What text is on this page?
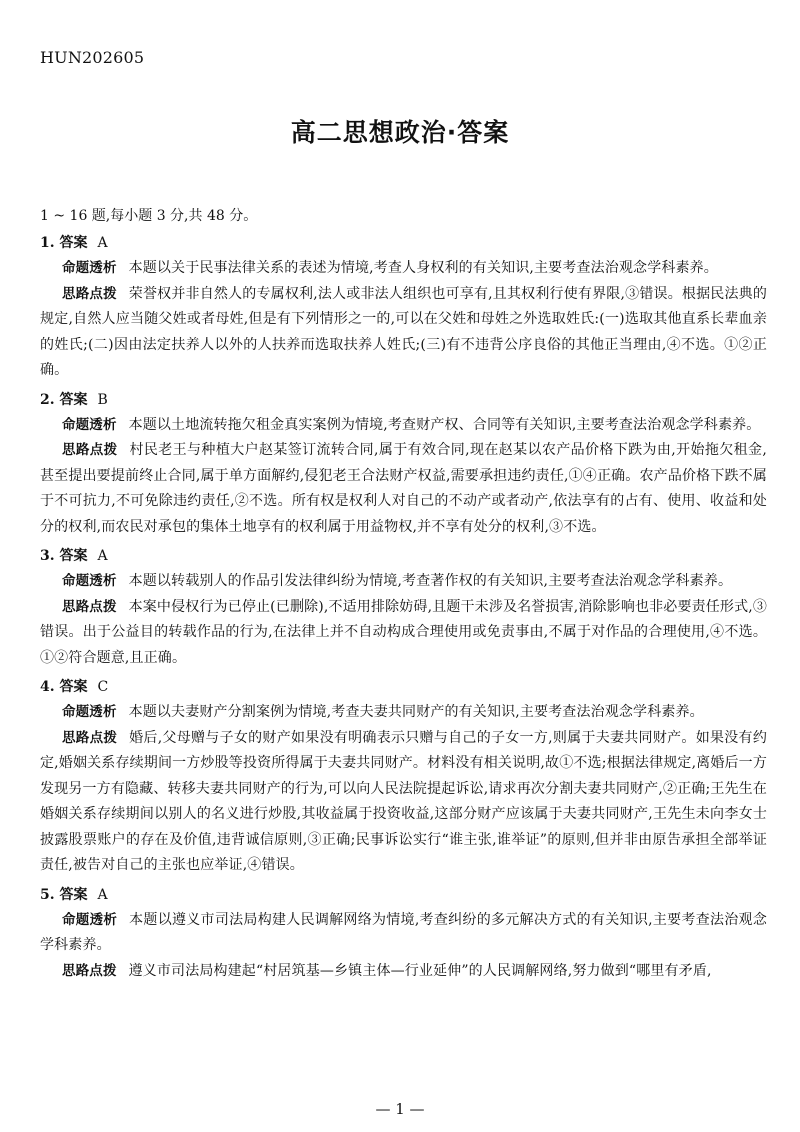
HUN202605
高二思想政治·答案
1 ~ 16 题,每小题 3 分,共 48 分。
1. 答案 A
命题透析 本题以关于民事法律关系的表述为情境,考查人身权利的有关知识,主要考查法治观念学科素养。
思路点拨 荣誉权并非自然人的专属权利,法人或非法人组织也可享有,且其权利行使有界限,③错误。根据民法典的规定,自然人应当随父姓或者母姓,但是有下列情形之一的,可以在父姓和母姓之外选取姓氏:(一)选取其他直系长辈血亲的姓氏;(二)因由法定扶养人以外的人扶养而选取扶养人姓氏;(三)有不违背公序良俗的其他正当理由,④不选。①②正确。
2. 答案 B
命题透析 本题以土地流转拖欠租金真实案例为情境,考查财产权、合同等有关知识,主要考查法治观念学科素养。
思路点拨 村民老王与种植大户赵某签订流转合同,属于有效合同,现在赵某以农产品价格下跌为由,开始拖欠租金,甚至提出要提前终止合同,属于单方面解约,侵犯老王合法财产权益,需要承担违约责任,①④正确。农产品价格下跌不属于不可抗力,不可免除违约责任,②不选。所有权是权利人对自己的不动产或者动产,依法享有的占有、使用、收益和处分的权利,而农民对承包的集体土地享有的权利属于用益物权,并不享有处分的权利,③不选。
3. 答案 A
命题透析 本题以转载别人的作品引发法律纠纷为情境,考查著作权的有关知识,主要考查法治观念学科素养。
思路点拨 本案中侵权行为已停止(已删除),不适用排除妨碍,且题干未涉及名誉损害,消除影响也非必要责任形式,③错误。出于公益目的转载作品的行为,在法律上并不自动构成合理使用或免责事由,不属于对作品的合理使用,④不选。①②符合题意,且正确。
4. 答案 C
命题透析 本题以夫妻财产分割案例为情境,考查夫妻共同财产的有关知识,主要考查法治观念学科素养。
思路点拨 婚后,父母赠与子女的财产如果没有明确表示只赠与自己的子女一方,则属于夫妻共同财产。如果没有约定,婚姻关系存续期间一方炒股等投资所得属于夫妻共同财产。材料没有相关说明,故①不选;根据法律规定,离婚后一方发现另一方有隐藏、转移夫妻共同财产的行为,可以向人民法院提起诉讼,请求再次分割夫妻共同财产,②正确;王先生在婚姻关系存续期间以别人的名义进行炒股,其收益属于投资收益,这部分财产应该属于夫妻共同财产,王先生未向李女士披露股票账户的存在及价值,违背诚信原则,③正确;民事诉讼实行“谁主张,谁举证”的原则,但并非由原告承担全部举证责任,被告对自己的主张也应举证,④错误。
5. 答案 A
命题透析 本题以遵义市司法局构建人民调解网络为情境,考查纠纷的多元解决方式的有关知识,主要考查法治观念学科素养。
思路点拨 遵义市司法局构建起“村居筑基—乡镇主体—行业延伸”的人民调解网络,努力做到“哪里有矛盾,
— 1 —
